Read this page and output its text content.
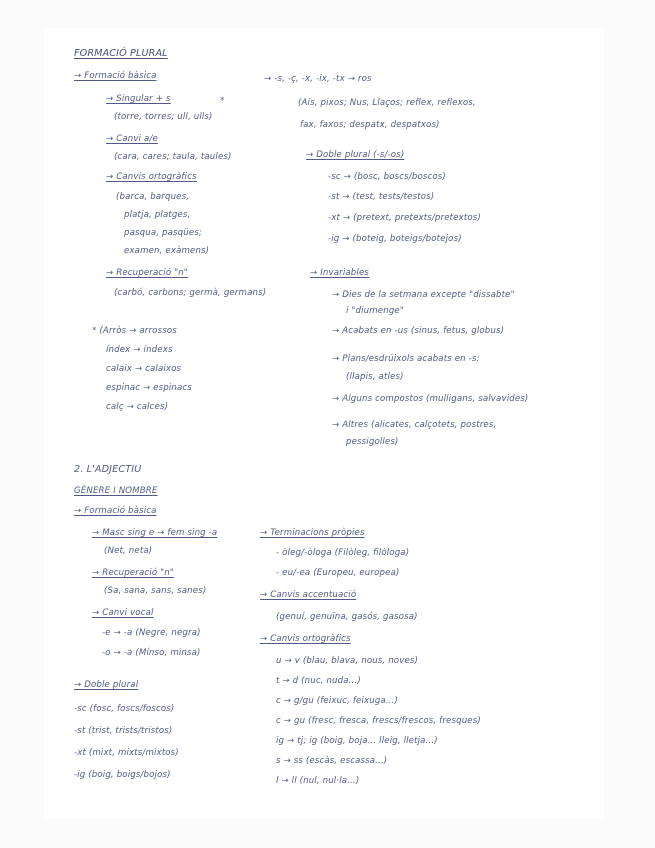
FORMACIÓ PLURAL
→ Formació bàsica
→ Singular + s	*
(torre, torres; ull, ulls)
→ Canvi a/e
(cara, cares; taula, taules)
→ Canvis ortogràfics
(barca, barques,
platja, platges,
pasqua, pasqües;
examen, exàmens)
→ Recuperació "n"
(carbó, carbons; germà, germans)
* (Arròs → arrossos
índex → índexs
calaix → calaixos
espinac → espinacs
calç → calces)
→ -s, -ç, -x, -ix, -tx → ros
(Ais, pixos; Nus, Llaços; reflex, reflexos,
fax, faxos; despatx, despatxos)
→ Doble plural (-s/-os)
-sc → (bosc, boscs/boscos)
-st → (test, tests/testos)
-xt → (pretext, pretexts/pretextos)
-ig → (boteig, boteigs/botejos)
→ Invariables
→ Dies de la setmana excepte "dissabte"
i "diumenge"
→ Acabats en -us (sinus, fetus, globus)
→ Plans/esdrúixols acabats en -s:
(llapis, atles)
→ Alguns compostos (mulligans, salvavides)
→ Altres (alicates, calçotets, postres,
pessigolles)
2. L'ADJECTIU
GÈNERE I NOMBRE
→ Formació bàsica
→ Masc sing e → fem sing -a
(Net, neta)
→ Recuperació "n"
(Sa, sana, sans, sanes)
→ Canvi vocal
-e → -a (Negre, negra)
-o → -a (Mínso, minsa)
→ Doble plural
-sc (fosc, foscs/foscos)
-st (trist, trists/tristos)
-xt (mixt, mixts/mixtos)
-ig (boig, boigs/bojos)
→ Terminacions pròpies
- òleg/-òloga (Filòleg, filòloga)
- eu/-ea (Europeu, europea)
→ Canvis accentuació
(genuí, genuïna, gasós, gasosa)
→ Canvis ortogràfics
u → v (blau, blava, nous, noves)
t → d (nuc, nuda...)
c → g/gu (feixuc, feixuga...)
c → gu (fresc, fresca, frescs/frescos, fresques)
ig → tj; ig (boig, boja... lleig, lletja...)
s → ss (escàs, escassa...)
l → ll (nul, nul·la...)
